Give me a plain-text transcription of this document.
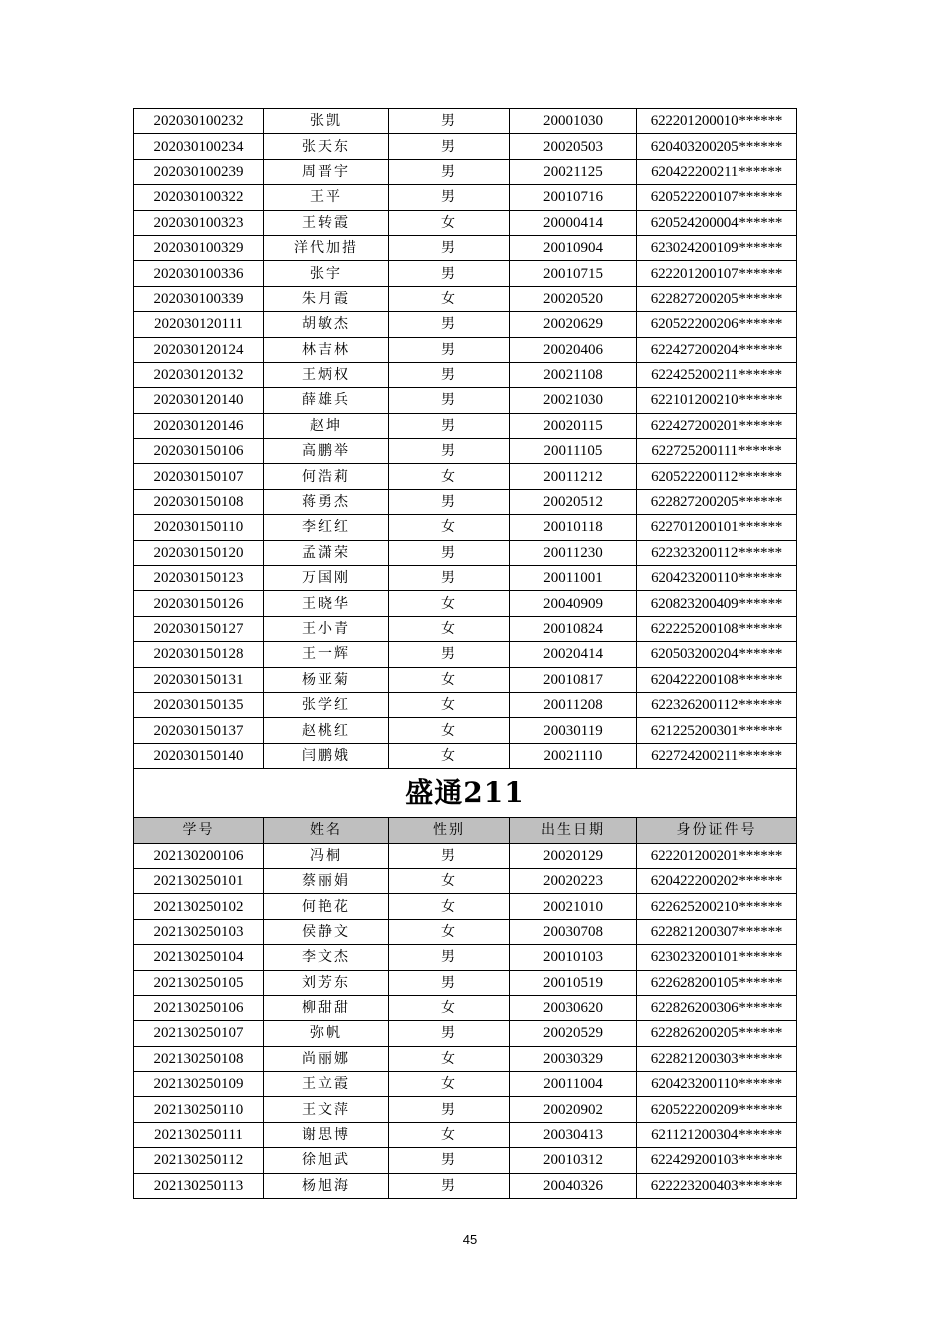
202030100232	张凯	男	20001030	622201200010******
202030100234	张天东	男	20020503	620403200205******
202030100239	周晋宇	男	20021125	620422200211******
202030100322	王平	男	20010716	620522200107******
202030100323	王转霞	女	20000414	620524200004******
202030100329	洋代加措	男	20010904	623024200109******
202030100336	张宇	男	20010715	622201200107******
202030100339	朱月霞	女	20020520	622827200205******
202030120111	胡敏杰	男	20020629	620522200206******
202030120124	林吉林	男	20020406	622427200204******
202030120132	王炳权	男	20021108	622425200211******
202030120140	薛雄兵	男	20021030	622101200210******
202030120146	赵坤	男	20020115	622427200201******
202030150106	高鹏举	男	20011105	622725200111******
202030150107	何浩莉	女	20011212	620522200112******
202030150108	蒋勇杰	男	20020512	622827200205******
202030150110	李红红	女	20010118	622701200101******
202030150120	孟潇荣	男	20011230	622323200112******
202030150123	万国刚	男	20011001	620423200110******
202030150126	王晓华	女	20040909	620823200409******
202030150127	王小青	女	20010824	622225200108******
202030150128	王一辉	男	20020414	620503200204******
202030150131	杨亚菊	女	20010817	620422200108******
202030150135	张学红	女	20011208	622326200112******
202030150137	赵桃红	女	20030119	621225200301******
202030150140	闫鹏娥	女	20021110	622724200211******
盛通211				
学号	姓名	性别	出生日期	身份证件号
202130200106	冯桐	男	20020129	622201200201******
202130250101	蔡丽娟	女	20020223	620422200202******
202130250102	何艳花	女	20021010	622625200210******
202130250103	侯静文	女	20030708	622821200307******
202130250104	李文杰	男	20010103	623023200101******
202130250105	刘芳东	男	20010519	622628200105******
202130250106	柳甜甜	女	20030620	622826200306******
202130250107	弥帆	男	20020529	622826200205******
202130250108	尚丽娜	女	20030329	622821200303******
202130250109	王立霞	女	20011004	620423200110******
202130250110	王文萍	男	20020902	620522200209******
202130250111	谢思博	女	20030413	621121200304******
202130250112	徐旭武	男	20010312	622429200103******
202130250113	杨旭海	男	20040326	622223200403******
45
